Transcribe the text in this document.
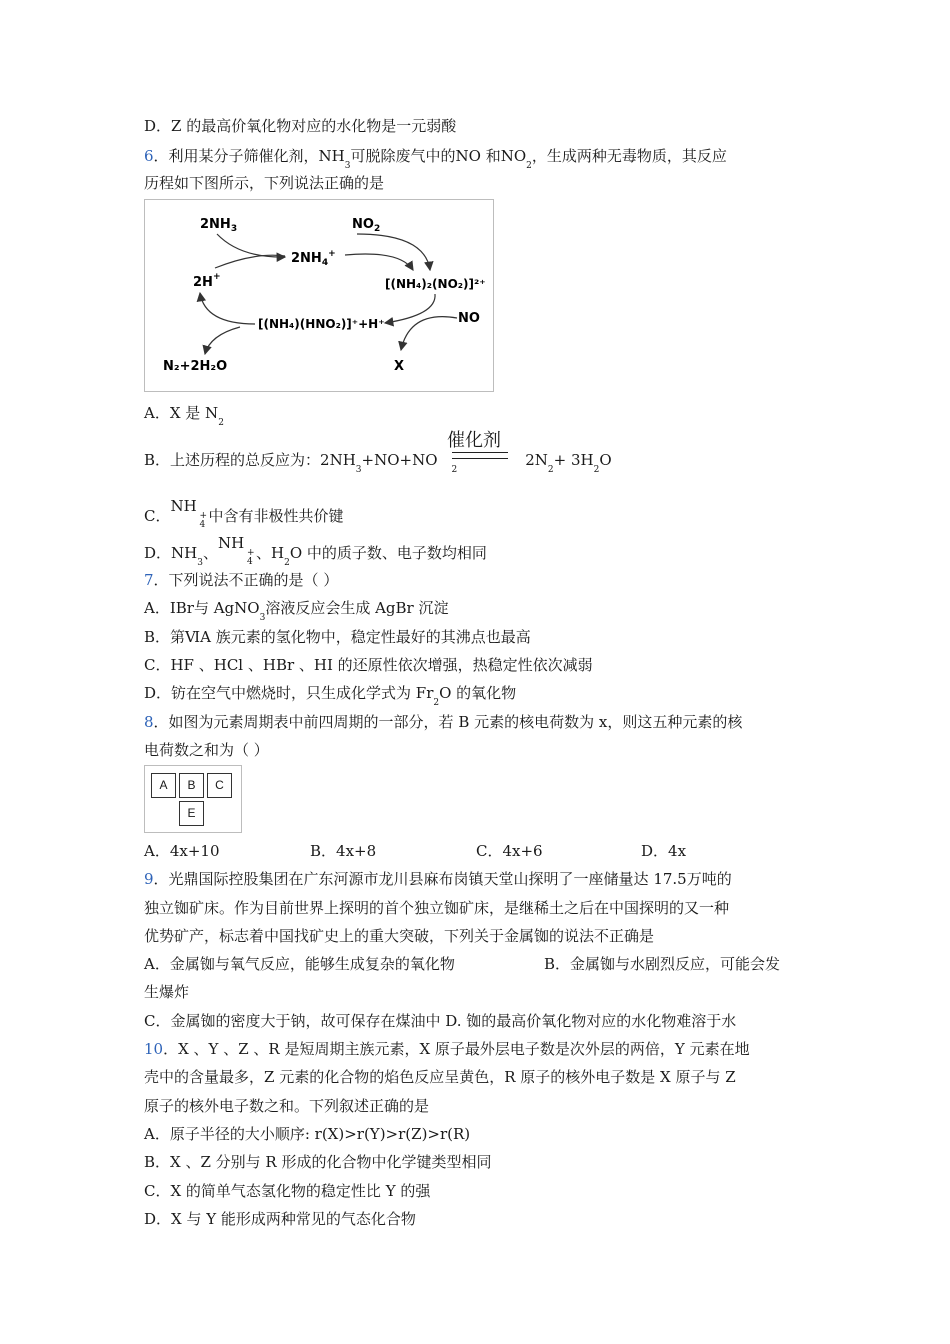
D．Z 的最高价氧化物对应的水化物是一元弱酸
6．利用某分子筛催化剂，$NH_3$可脱除废气中的NO 和$NO_2$，生成两种无毒物质，其反应
历程如下图所示，下列说法正确的是
$2NH_3$
$2NH_4^+$
$NO_2$
2H+	[(NH₄)₂(NO₂)]²⁺
[(NH₄)(HNO₂)]⁺+H⁺	NO
N₂+2H₂O	X
A．X 是 $N_2$
催化剂
B．上述历程的总反应为：$2NH_3+NO+NO_22N_2+ 3H_2O$
C．
NH
+
4 中含有非极性共价键
D．$NH_3$、
NH
+
4 、$H_2O$ 中的质子数、电子数均相同
7．下列说法不正确的是（ ）
A．IBr与 AgNO$_3$溶液反应会生成 AgBr 沉淀
B．第ⅥA 族元素的氢化物中，稳定性最好的其沸点也最高
C．HF 、HCl 、HBr 、HI 的还原性依次增强，热稳定性依次减弱
D．钫在空气中燃烧时，只生成化学式为 $Fr_2O$ 的氧化物
8．如图为元素周期表中前四周期的一部分，若 B 元素的核电荷数为 x，则这五种元素的核
电荷数之和为（ ）
A	B	C
E
A．4x+10	B．4x+8	C．4x+6	D．4x
9．光鼎国际控股集团在广东河源市龙川县麻布岗镇天堂山探明了一座储量达 17.5万吨的
独立铷矿床。作为目前世界上探明的首个独立铷矿床，是继稀土之后在中国探明的又一种
优势矿产，标志着中国找矿史上的重大突破，下列关于金属铷的说法不正确是
A．金属铷与氧气反应，能够生成复杂的氧化物	B．金属铷与水剧烈反应，可能会发
生爆炸
C．金属铷的密度大于钠，故可保存在煤油中 D. 铷的最高价氧化物对应的水化物难溶于水
10．X 、Y 、Z 、R 是短周期主族元素，X 原子最外层电子数是次外层的两倍，Y 元素在地
壳中的含量最多，Z 元素的化合物的焰色反应呈黄色，R 原子的核外电子数是 X 原子与 Z
原子的核外电子数之和。下列叙述正确的是
A．原子半径的大小顺序: r(X)>r(Y)>r(Z)>r(R)
B．X 、Z 分别与 R 形成的化合物中化学键类型相同
C．X 的简单气态氢化物的稳定性比 Y 的强
D．X 与 Y 能形成两种常见的气态化合物
